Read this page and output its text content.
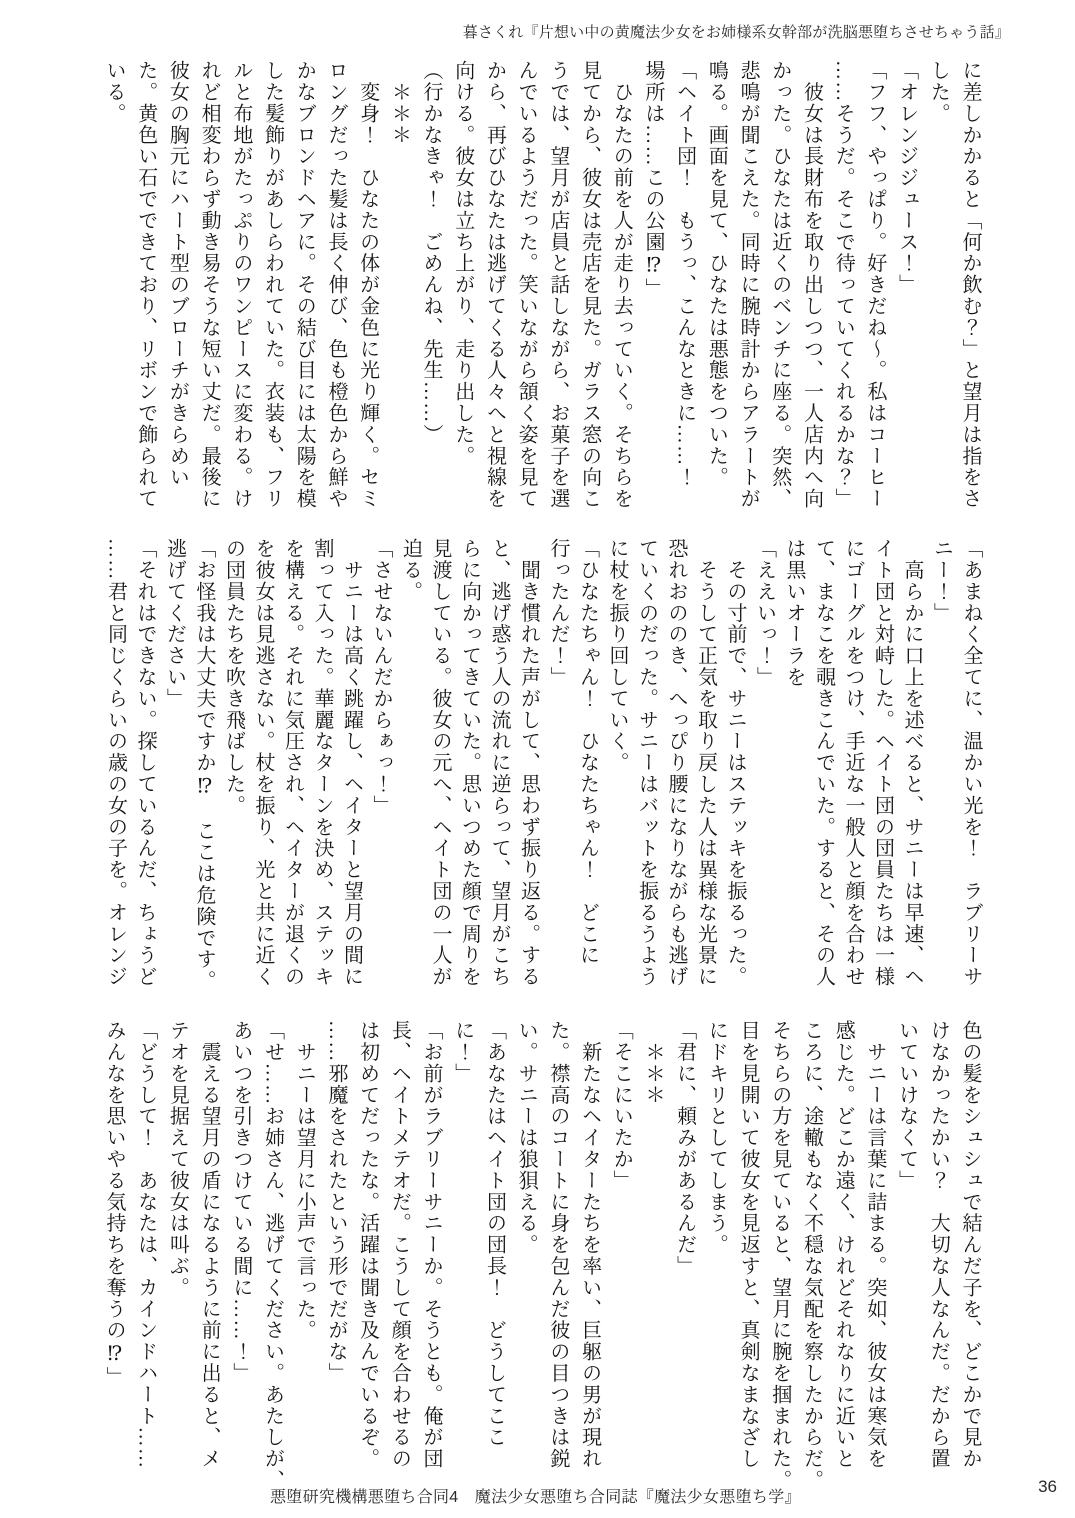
暮さくれ『片想い中の黄魔法少女をお姉様系女幹部が洗脳悪堕ちさせちゃう話』

に差しかかると「何か飲む？」と望月は指をさ

した。

「オレンジジュース！」

「フフ、やっぱり。好きだね〜。私はコーヒー

……そうだ。そこで待っていてくれるかな？」

　彼女は長財布を取り出しつつ、一人店内へ向

かった。ひなたは近くのベンチに座る。突然、

悲鳴が聞こえた。同時に腕時計からアラートが

鳴る。画面を見て、ひなたは悪態をついた。

「ヘイト団！　もうっ、こんなときに……！

場所は……この公園⁉」

　ひなたの前を人が走り去っていく。そちらを

見てから、彼女は売店を見た。ガラス窓の向こ

うでは、望月が店員と話しながら、お菓子を選

んでいるようだった。笑いながら頷く姿を見て

から、再びひなたは逃げてくる人々へと視線を

向ける。彼女は立ち上がり、走り出した。

（行かなきゃ！　ごめんね、先生……）

　＊＊＊

　変身！　ひなたの体が金色に光り輝く。セミ

ロングだった髪は長く伸び、色も橙色から鮮や

かなブロンドヘアに。その結び目には太陽を模

した髪飾りがあしらわれていた。衣装も、フリ

ルと布地がたっぷりのワンピースに変わる。け

れど相変わらず動き易そうな短い丈だ。最後に

彼女の胸元にハート型のブローチがきらめい

た。黄色い石でできており、リボンで飾られて

いる。

「あまねく全てに、温かい光を！　ラブリーサ

ニー！」

　高らかに口上を述べると、サニーは早速、ヘ

イト団と対峙した。ヘイト団の団員たちは一様

にゴーグルをつけ、手近な一般人と顔を合わせ

て、まなこを覗きこんでいた。すると、その人

は黒いオーラを

「ええいっ！」

　その寸前で、サニーはステッキを振るった。

　そうして正気を取り戻した人は異様な光景に

恐れおののき、へっぴり腰になりながらも逃げ

ていくのだった。サニーはバットを振るうよう

に杖を振り回していく。

「ひなたちゃん！　ひなたちゃん！　どこに

行ったんだ！」

　聞き慣れた声がして、思わず振り返る。する

と、逃げ惑う人の流れに逆らって、望月がこち

らに向かってきていた。思いつめた顔で周りを

見渡している。彼女の元へ、ヘイト団の一人が

迫る。

「させないんだからぁっ！」

　サニーは高く跳躍し、ヘイターと望月の間に

割って入った。華麗なターンを決め、ステッキ

を構える。それに気圧され、ヘイターが退くの

を彼女は見逃さない。杖を振り、光と共に近く

の団員たちを吹き飛ばした。

「お怪我は大丈夫ですか⁉　ここは危険です。

逃げてください」

「それはできない。探しているんだ、ちょうど

……君と同じくらいの歳の女の子を。オレンジ

色の髪をシュシュで結んだ子を、どこかで見か

けなかったかい？　大切な人なんだ。だから置

いていけなくて」

　サニーは言葉に詰まる。突如、彼女は寒気を

感じた。どこか遠く、けれどそれなりに近いと

ころに、途轍もなく不穏な気配を察したからだ。

そちらの方を見ていると、望月に腕を掴まれた。

目を見開いて彼女を見返すと、真剣なまなざし

にドキリとしてしまう。

「君に、頼みがあるんだ」

　＊＊＊

「そこにいたか」

　新たなヘイターたちを率い、巨躯の男が現れ

た。襟高のコートに身を包んだ彼の目つきは鋭

い。サニーは狼狽える。

「あなたはヘイト団の団長！　どうしてここ

に！」

「お前がラブリーサニーか。そうとも。俺が団

長、ヘイトメテオだ。こうして顔を合わせるの

は初めてだったな。活躍は聞き及んでいるぞ。

……邪魔をされたという形でだがな」

　サニーは望月に小声で言った。

「せ……お姉さん、逃げてください。あたしが、

あいつを引きつけている間に……！」

　震える望月の盾になるように前に出ると、メ

テオを見据えて彼女は叫ぶ。

「どうして！　あなたは、カインドハート……

みんなを思いやる気持ちを奪うの⁉」

悪堕研究機構悪堕ち合同4　魔法少女悪堕ち合同誌『魔法少女悪堕ち学』
36
